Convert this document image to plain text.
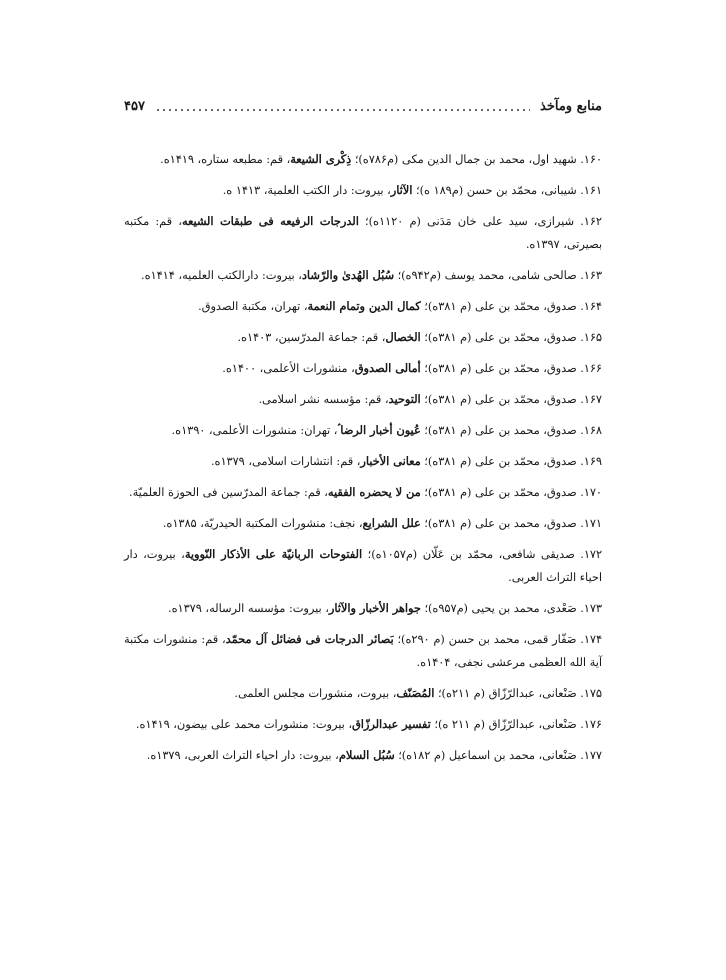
منابع ومآخذ
۴۵۷

۱۶۰. شهید اول، محمد بن جمال الدین مکی (م۷۸۶ه)؛ ذِکْری الشیعة، قم: مطبعه ستاره، ۱۴۱۹ه.

۱۶۱. شیبانی، محمّد بن حسن (م۱۸۹ ه)؛ الآثار، بیروت: دار الکتب العلمیة، ۱۴۱۳ ه.

۱۶۲. شیرازی، سید علی خان مَدَنی (م ۱۱۲۰ه)؛ الدرجات الرفیعه فی طبقات الشیعه، قم: مکتبه بصیرتی، ۱۳۹۷ه.

۱۶۳. صالحی شامی، محمد یوسف (م۹۴۲ه)؛ سُبُل الهُدیٰ والرّشاد، بیروت: دارالکتب العلمیه، ۱۴۱۴ه.

۱۶۴. صدوق، محمّد بن علی (م ۳۸۱ه)؛ کمال الدین وتمام النعمة، تهران، مکتبة الصدوق.

۱۶۵. صدوق، محمّد بن علی (م ۳۸۱ه)؛ الخصال، قم: جماعة المدرّسین، ۱۴۰۳ه.

۱۶۶. صدوق، محمّد بن علی (م ۳۸۱ه)؛ أمالی الصدوق، منشورات الأعلمی، ۱۴۰۰ه.

۱۶۷. صدوق، محمّد بن علی (م ۳۸۱ه)؛ التوحید، قم: مؤسسه نشر اسلامی.

۱۶۸. صدوق، محمد بن علی (م ۳۸۱ه)؛ عُیون أخبار الرضا ؑ، تهران: منشورات الأعلمی، ۱۳۹۰ه.

۱۶۹. صدوق، محمّد بن علی (م ۳۸۱ه)؛ معانی الأخبار، قم: انتشارات اسلامی، ۱۳۷۹ه.

۱۷۰. صدوق، محمّد بن علی (م ۳۸۱ه)؛ من لا یحضره الفقیه، قم: جماعة المدرّسین فی الحوزة العلمیّة.

۱۷۱. صدوق، محمد بن علی (م ۳۸۱ه)؛ علل الشرایع، نجف: منشورات المکتبة الحیدریّة، ۱۳۸۵ه.

۱۷۲. صدیقی شافعی، محمّد بن عَلّان (م۱۰۵۷ه)؛ الفتوحات الربانیّة علی الأذکار النّوویة، بیروت، دار احیاء التراث العربی.

۱۷۳. صَعْدی، محمد بن یحیی (م۹۵۷ه)؛ جواهر الأخبار والآثار، بیروت: مؤسسه الرساله، ۱۳۷۹ه.

۱۷۴. صَفّار قمی، محمد بن حسن (م ۲۹۰ه)؛ بَصائر الدرجات فی فضائل آل محمّد، قم: منشورات مکتبة آیة الله العظمی مرعشی نجفی، ۱۴۰۴ه.

۱۷۵. صَنْعانی، عبدالرّزّاق (م ۲۱۱ه)؛ المُصَنّف، بیروت، منشورات مجلس العلمی.

۱۷۶. صَنْعانی، عبدالرّزّاق (م ۲۱۱ ه)؛ تفسیر عبدالرزّاق، بیروت: منشورات محمد علی بیضون، ۱۴۱۹ه.

۱۷۷. صَنْعانی، محمد بن اسماعیل (م ۱۸۲ه)؛ سُبُل السلام، بیروت: دار احیاء التراث العربی، ۱۳۷۹ه.
